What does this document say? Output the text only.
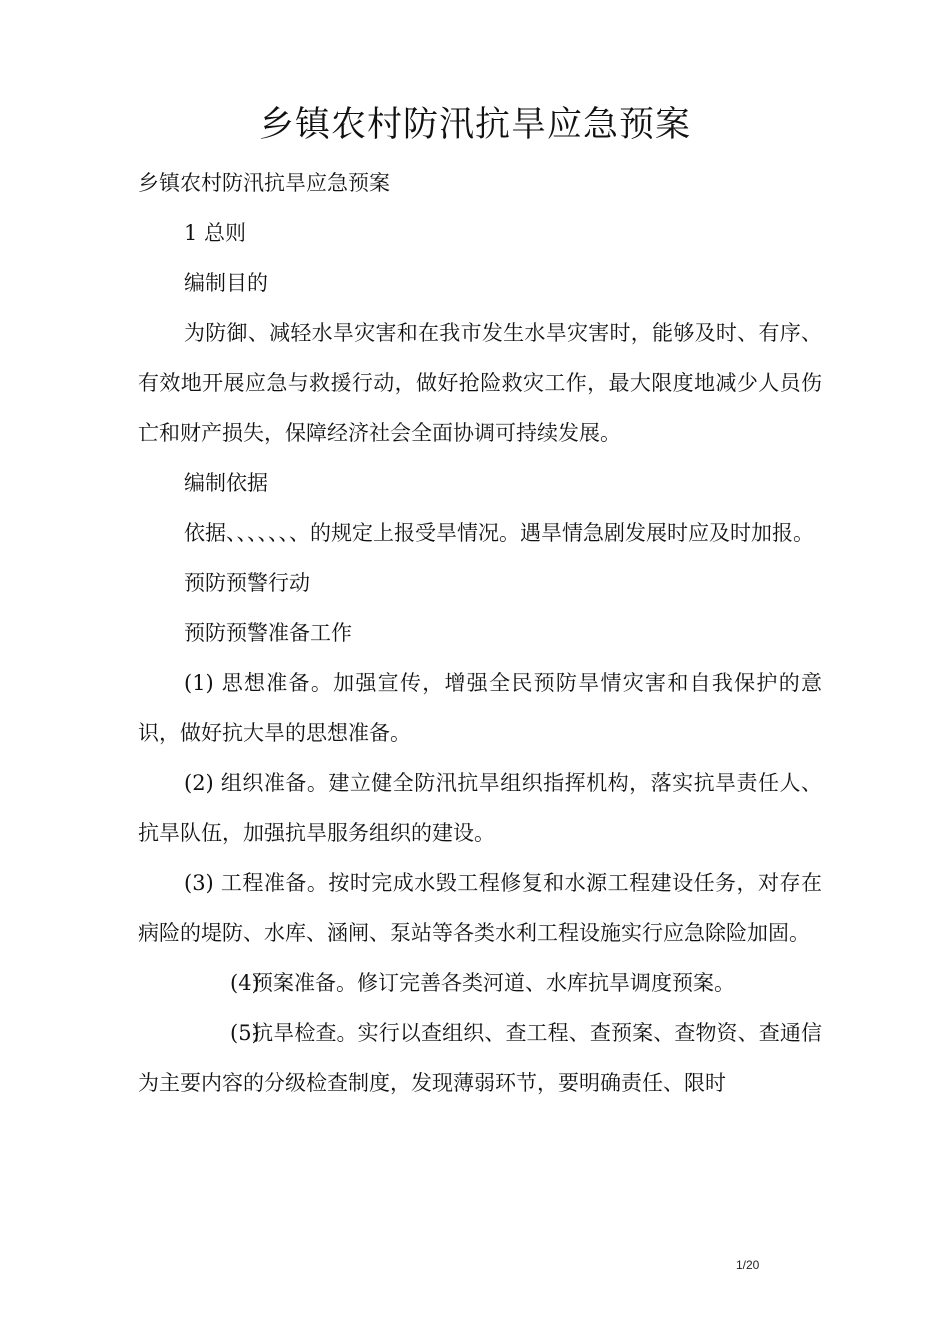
乡镇农村防汛抗旱应急预案

乡镇农村防汛抗旱应急预案

1 总则

编制目的

为防御、减轻水旱灾害和在我市发生水旱灾害时，能够及时、有序、有效地开展应急与救援行动，做好抢险救灾工作，最大限度地减少人员伤亡和财产损失，保障经济社会全面协调可持续发展。

编制依据

依据、、、、、、、的规定上报受旱情况。遇旱情急剧发展时应及时加报。

预防预警行动

预防预警准备工作

(1) 思想准备。加强宣传，增强全民预防旱情灾害和自我保护的意识，做好抗大旱的思想准备。

(2) 组织准备。建立健全防汛抗旱组织指挥机构，落实抗旱责任人、抗旱队伍，加强抗旱服务组织的建设。

(3) 工程准备。按时完成水毁工程修复和水源工程建设任务，对存在病险的堤防、水库、涵闸、泵站等各类水利工程设施实行应急除险加固。

(4)预案准备。修订完善各类河道、水库抗旱调度预案。

(5)抗旱检查。实行以查组织、查工程、查预案、查物资、查通信为主要内容的分级检查制度，发现薄弱环节，要明确责任、限时

1/20
